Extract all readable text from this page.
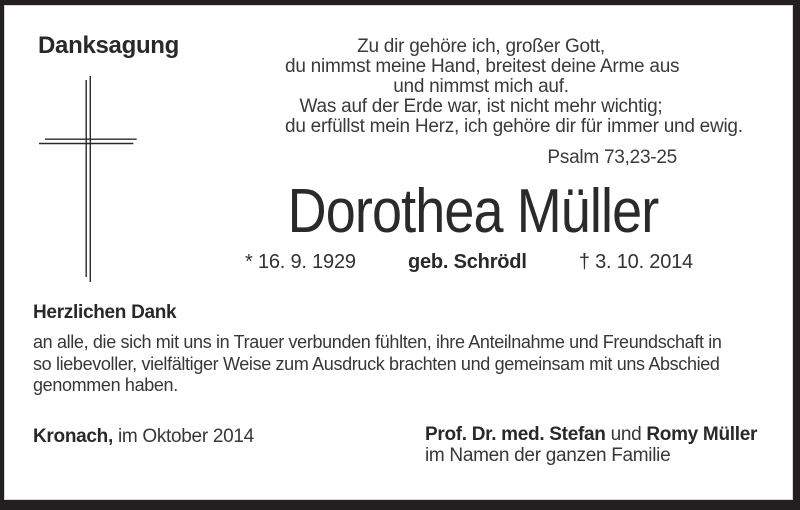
Danksagung	Zu dir gehöre ich, großer Gott,
du nimmst meine Hand, breitest deine Arme aus
und nimmst mich auf.
Was auf der Erde war, ist nicht mehr wichtig;
du erfüllst mein Herz, ich gehöre dir für immer und ewig.
Psalm 73,23-25
Dorothea Müller
* 16. 9. 1929	geb. Schrödl	† 3. 10. 2014
Herzlichen Dank
an alle, die sich mit uns in Trauer verbunden fühlten, ihre Anteilnahme und Freundschaft in
so liebevoller, vielfältiger Weise zum Ausdruck brachten und gemeinsam mit uns Abschied
genommen haben.
Kronach, im Oktober 2014	Prof. Dr. med. Stefan und Romy Müller
im Namen der ganzen Familie
